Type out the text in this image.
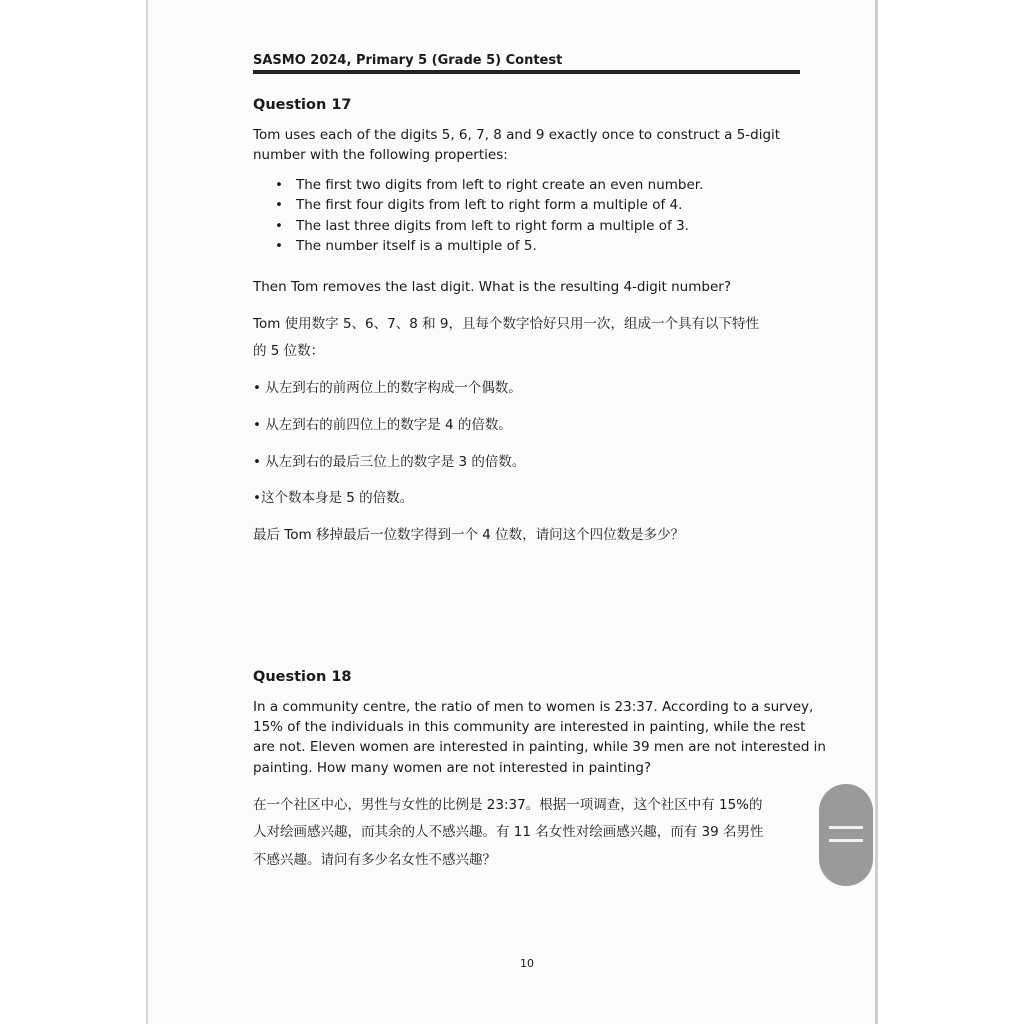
SASMO 2024, Primary 5 (Grade 5) Contest
Question 17
Tom uses each of the digits 5, 6, 7, 8 and 9 exactly once to construct a 5-digit
number with the following properties:
• The first two digits from left to right create an even number.
• The first four digits from left to right form a multiple of 4.
• The last three digits from left to right form a multiple of 3.
• The number itself is a multiple of 5.
Then Tom removes the last digit. What is the resulting 4-digit number?
Tom 使用数字 5、6、7、8 和 9，且每个数字恰好只用一次，组成一个具有以下特性
的 5 位数：
• 从左到右的前两位上的数字构成一个偶数。
• 从左到右的前四位上的数字是 4 的倍数。
• 从左到右的最后三位上的数字是 3 的倍数。
•这个数本身是 5 的倍数。
最后 Tom 移掉最后一位数字得到一个 4 位数，请问这个四位数是多少？
Question 18
In a community centre, the ratio of men to women is 23:37. According to a survey,
15% of the individuals in this community are interested in painting, while the rest
are not. Eleven women are interested in painting, while 39 men are not interested in
painting. How many women are not interested in painting?
在一个社区中心，男性与女性的比例是 23:37。根据一项调查，这个社区中有 15%的
人对绘画感兴趣，而其余的人不感兴趣。有 11 名女性对绘画感兴趣，而有 39 名男性
不感兴趣。请问有多少名女性不感兴趣？
10
